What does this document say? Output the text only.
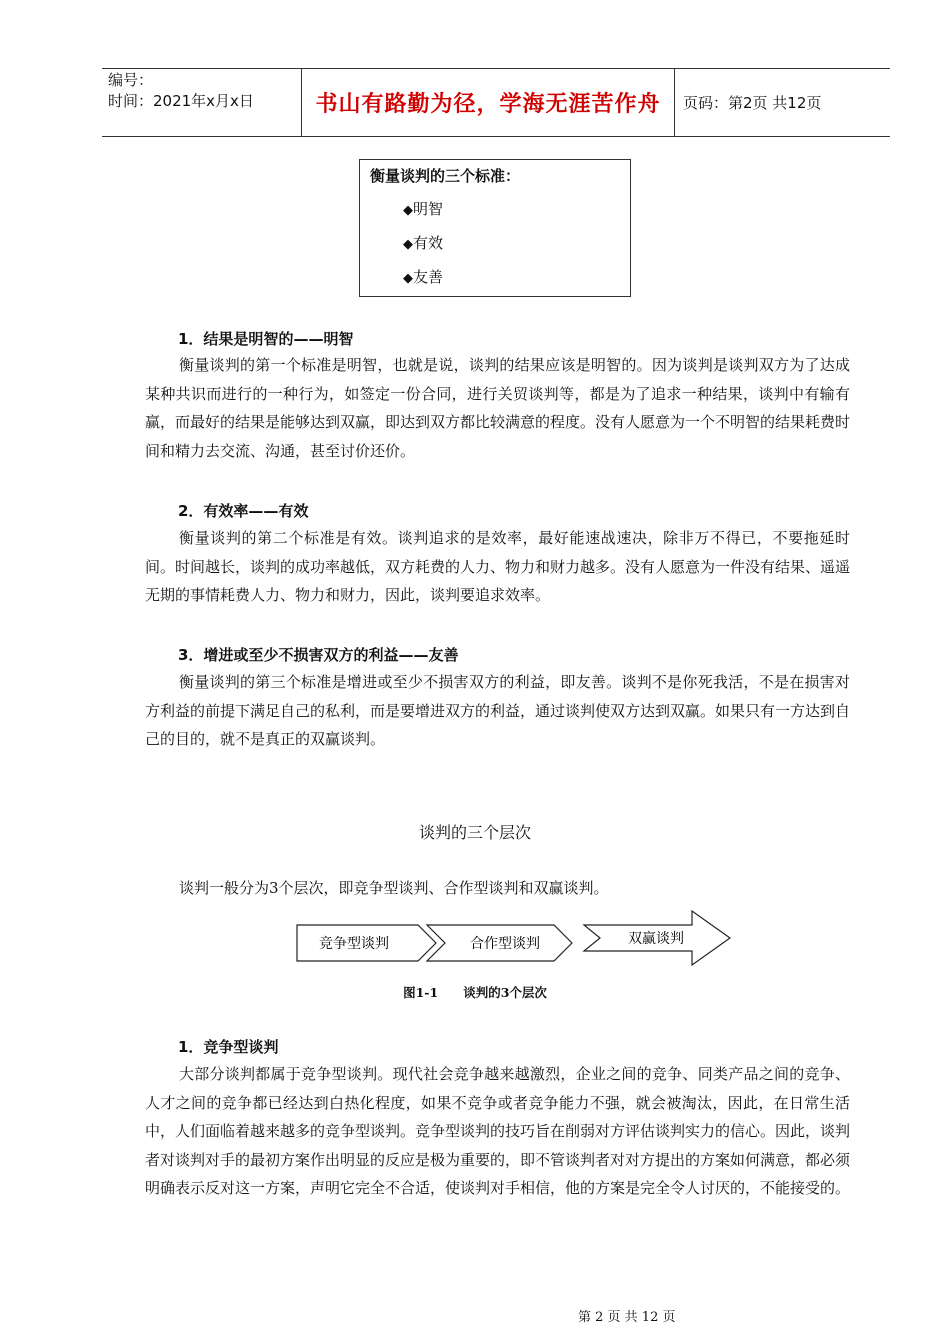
编号：
时间：2021年x月x日	书山有路勤为径，学海无涯苦作舟	页码：第2页 共12页
衡量谈判的三个标准：
◆明智
◆有效
◆友善
1．结果是明智的——明智
衡量谈判的第一个标准是明智，也就是说，谈判的结果应该是明智的。因为谈判是谈判双方为了达成某种共识而进行的一种行为，如签定一份合同，进行关贸谈判等，都是为了追求一种结果，谈判中有输有赢，而最好的结果是能够达到双赢，即达到双方都比较满意的程度。没有人愿意为一个不明智的结果耗费时间和精力去交流、沟通，甚至讨价还价。
2．有效率——有效
衡量谈判的第二个标准是有效。谈判追求的是效率，最好能速战速决，除非万不得已，不要拖延时间。时间越长，谈判的成功率越低，双方耗费的人力、物力和财力越多。没有人愿意为一件没有结果、遥遥无期的事情耗费人力、物力和财力，因此，谈判要追求效率。
3．增进或至少不损害双方的利益——友善
衡量谈判的第三个标准是增进或至少不损害双方的利益，即友善。谈判不是你死我活，不是在损害对方利益的前提下满足自己的私利，而是要增进双方的利益，通过谈判使双方达到双赢。如果只有一方达到自己的目的，就不是真正的双赢谈判。
谈判的三个层次
谈判一般分为3个层次，即竞争型谈判、合作型谈判和双赢谈判。
竞争型谈判	合作型谈判	双赢谈判
图1-1　　谈判的3个层次
1．竞争型谈判
大部分谈判都属于竞争型谈判。现代社会竞争越来越激烈，企业之间的竞争、同类产品之间的竞争、人才之间的竞争都已经达到白热化程度，如果不竞争或者竞争能力不强，就会被淘汰，因此，在日常生活中，人们面临着越来越多的竞争型谈判。竞争型谈判的技巧旨在削弱对方评估谈判实力的信心。因此，谈判者对谈判对手的最初方案作出明显的反应是极为重要的，即不管谈判者对对方提出的方案如何满意，都必须明确表示反对这一方案，声明它完全不合适，使谈判对手相信，他的方案是完全令人讨厌的，不能接受的。
第 2 页 共 12 页
